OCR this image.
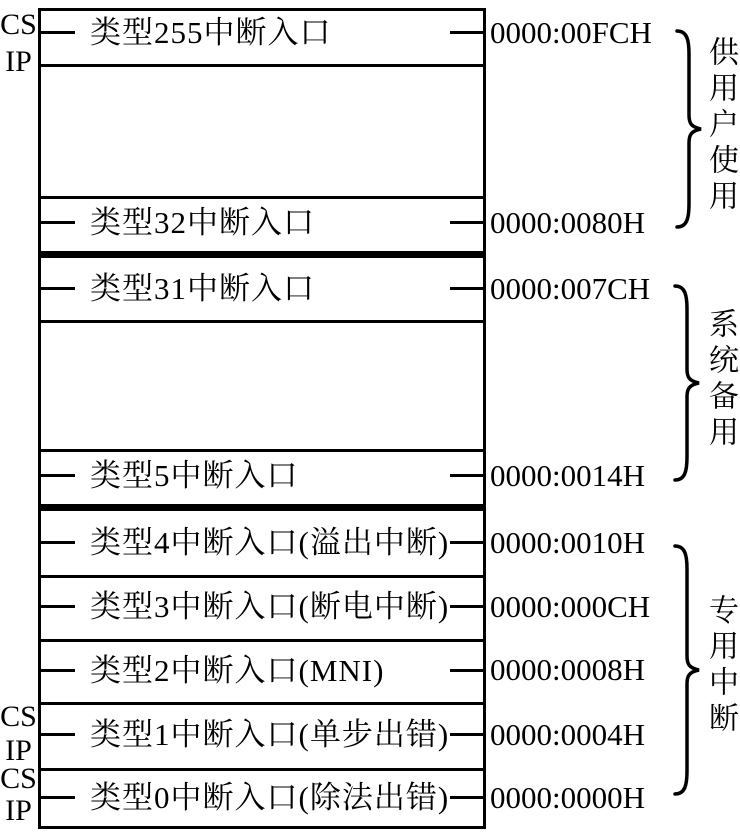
CS
IP
CS
IP
CS
IP
类型255中断入口
类型32中断入口
类型31中断入口
类型5中断入口
类型4中断入口(溢出中断)
类型3中断入口(断电中断)
类型2中断入口(MNI)
类型1中断入口(单步出错)
类型0中断入口(除法出错)
0000:00FCH
0000:0080H
0000:007CH
0000:0014H
0000:0010H
0000:000CH
0000:0008H
0000:0004H
0000:0000H
供用户使用
系统备用
专用中断
